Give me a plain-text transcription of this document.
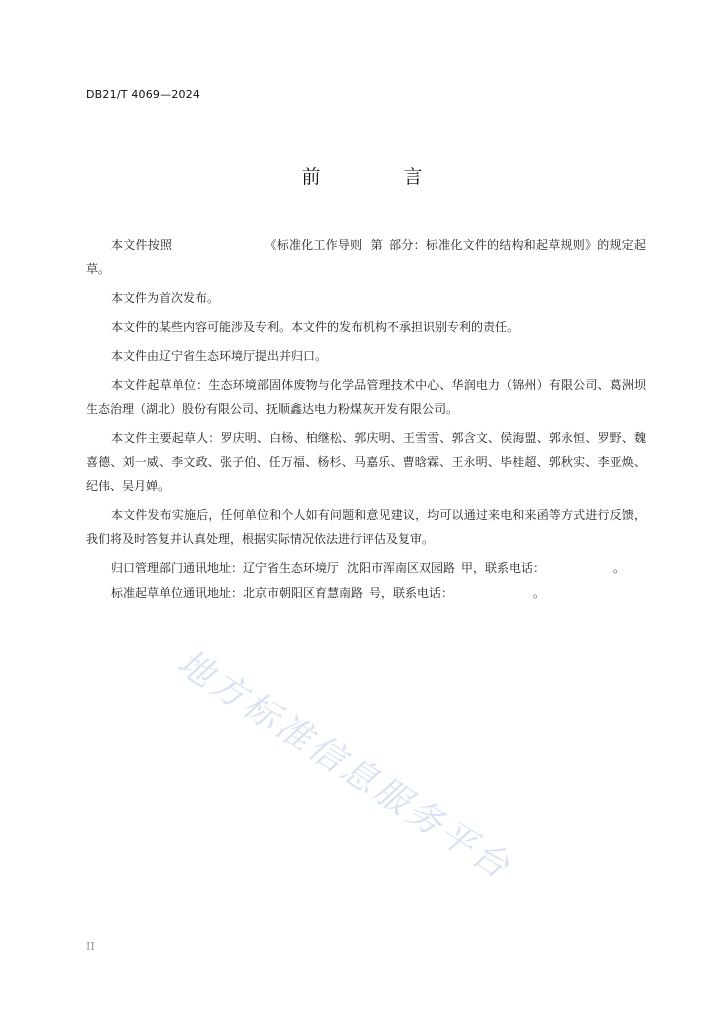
DB21/T 4069—2024
前　言

本文件按照	《标准化工作导则 第 部分：标准化文件的结构和起草规则》的规定起草。

本文件为首次发布。

本文件的某些内容可能涉及专利。本文件的发布机构不承担识别专利的责任。

本文件由辽宁省生态环境厅提出并归口。

本文件起草单位：生态环境部固体废物与化学品管理技术中心、华润电力（锦州）有限公司、葛洲坝生态治理（湖北）股份有限公司、抚顺鑫达电力粉煤灰开发有限公司。

本文件主要起草人：罗庆明、白杨、柏继松、郭庆明、王雪雪、郭含文、侯海盟、郭永恒、罗野、魏喜德、刘一威、李文政、张子伯、任万福、杨杉、马嘉乐、曹晗霖、王永明、毕桂超、郭秋实、李亚焕、纪伟、吴月婵。

本文件发布实施后，任何单位和个人如有问题和意见建议，均可以通过来电和来函等方式进行反馈，我们将及时答复并认真处理，根据实际情况依法进行评估及复审。

归口管理部门通讯地址：辽宁省生态环境厅 沈阳市浑南区双园路 甲，联系电话：	。

标准起草单位通讯地址：北京市朝阳区育慧南路 号，联系电话：	。

地方标准信息服务平台
II
